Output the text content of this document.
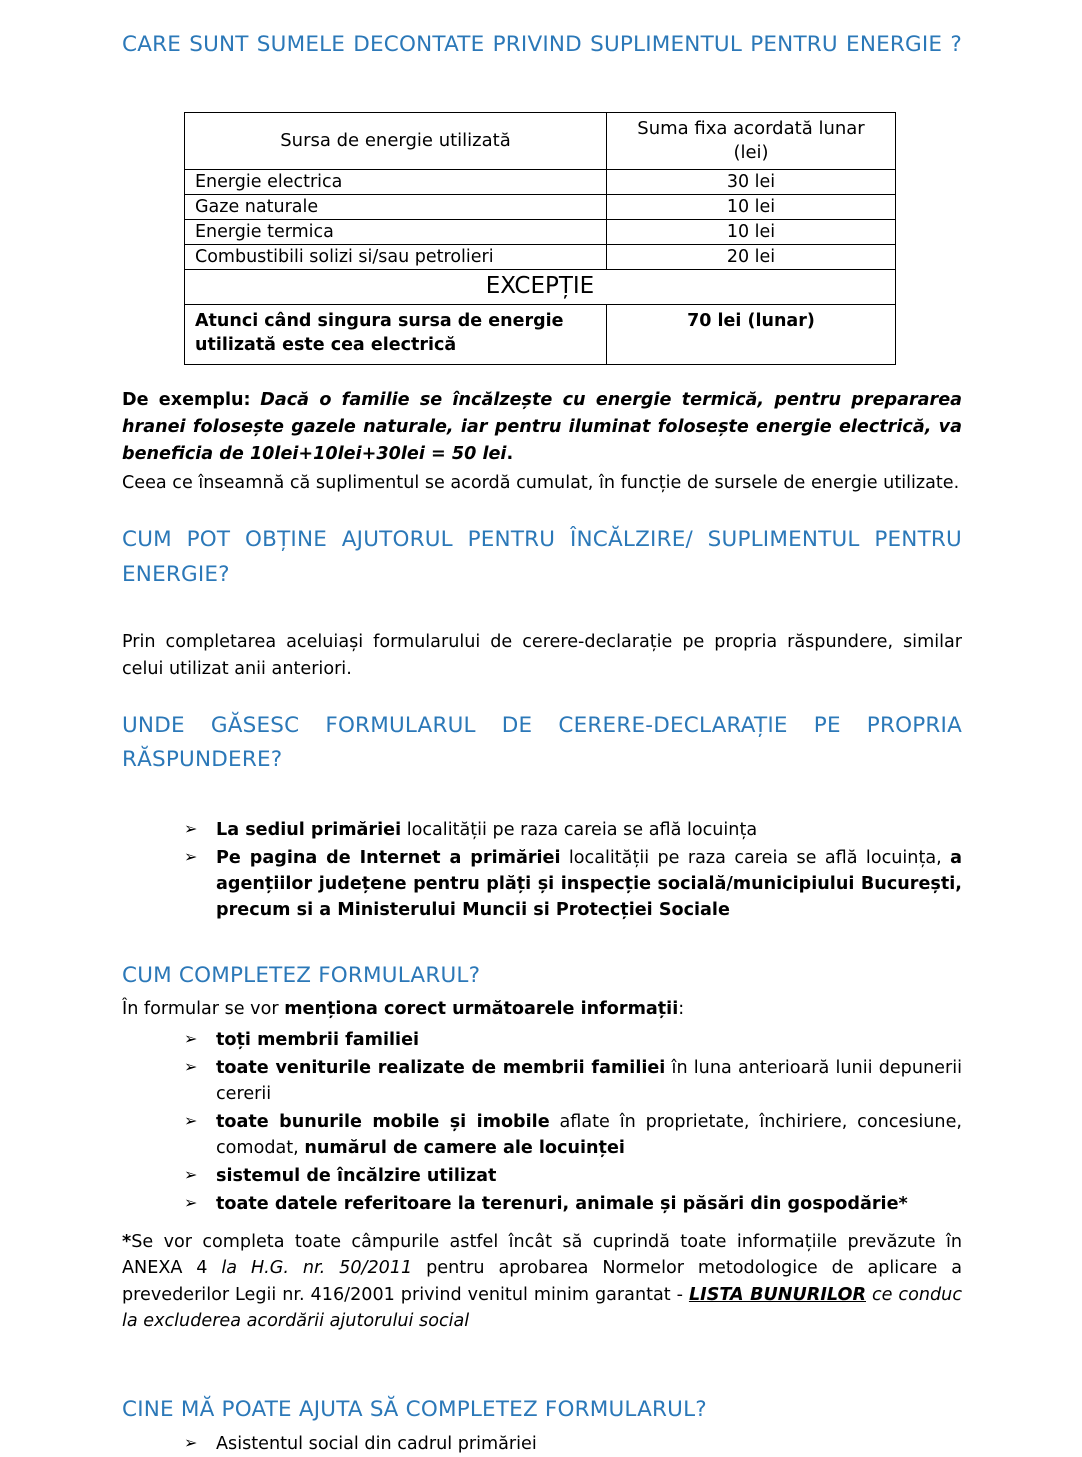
CARE SUNT SUMELE DECONTATE PRIVIND SUPLIMENTUL PENTRU ENERGIE ?
Sursa de energie utilizată	Suma fixa acordată lunar
(lei)
Energie electrica	30 lei
Gaze naturale	10 lei
Energie termica	10 lei
Combustibili solizi si/sau petrolieri	20 lei
EXCEPȚIE	
Atunci când singura sursa de energie utilizată este cea electrică	70 lei (lunar)
De exemplu: Dacă o familie se încălzește cu energie termică, pentru prepararea hranei folosește gazele naturale, iar pentru iluminat folosește energie electrică, va beneficia de 10lei+10lei+30lei = 50 lei.
Ceea ce înseamnă că suplimentul se acordă cumulat, în funcție de sursele de energie utilizate.
CUM POT OBȚINE AJUTORUL PENTRU ÎNCĂLZIRE/ SUPLIMENTUL PENTRU ENERGIE?

Prin completarea aceluiași formularului de cerere-declarație pe propria răspundere, similar celui utilizat anii anteriori.

UNDE GĂSESC FORMULARUL DE CERERE-DECLARAȚIE PE PROPRIA RĂSPUNDERE?
➢ La sediul primăriei localității pe raza careia se află locuința
➢ Pe pagina de Internet a primăriei localității pe raza careia se află locuința, a agențiilor județene pentru plăți și inspecție socială/municipiului București, precum si a Ministerului Muncii si Protecției Sociale
CUM COMPLETEZ FORMULARUL?

În formular se vor menționa corect următoarele informații:

➢ toți membrii familiei
➢ toate veniturile realizate de membrii familiei în luna anterioară lunii depunerii cererii
➢ toate bunurile mobile și imobile aflate în proprietate, închiriere, concesiune, comodat, numărul de camere ale locuinței
➢ sistemul de încălzire utilizat
➢ toate datele referitoare la terenuri, animale și păsări din gospodărie*
*Se vor completa toate câmpurile astfel încât să cuprindă toate informațiile prevăzute în ANEXA 4 la H.G. nr. 50/2011 pentru aprobarea Normelor metodologice de aplicare a prevederilor Legii nr. 416/2001 privind venitul minim garantat - LISTA BUNURILOR ce conduc la excluderea acordării ajutorului social
CINE MĂ POATE AJUTA SĂ COMPLETEZ FORMULARUL?
➢ Asistentul social din cadrul primăriei
